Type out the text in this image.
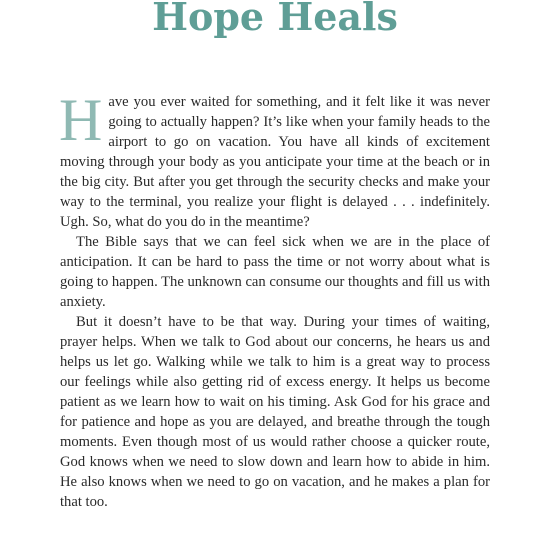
Hope Heals

Have you ever waited for something, and it felt like it was never going to actually happen? It’s like when your family heads to the airport to go on vacation. You have all kinds of excitement moving through your body as you anticipate your time at the beach or in the big city. But after you get through the security checks and make your way to the terminal, you realize your flight is delayed . . . indefinitely. Ugh. So, what do you do in the meantime?

The Bible says that we can feel sick when we are in the place of anticipation. It can be hard to pass the time or not worry about what is going to happen. The unknown can consume our thoughts and fill us with anxiety.

But it doesn’t have to be that way. During your times of waiting, prayer helps. When we talk to God about our concerns, he hears us and helps us let go. Walking while we talk to him is a great way to process our feelings while also getting rid of excess energy. It helps us become patient as we learn how to wait on his timing. Ask God for his grace and for patience and hope as you are delayed, and breathe through the tough moments. Even though most of us would rather choose a quicker route, God knows when we need to slow down and learn how to abide in him. He also knows when we need to go on vacation, and he makes a plan for that too.
